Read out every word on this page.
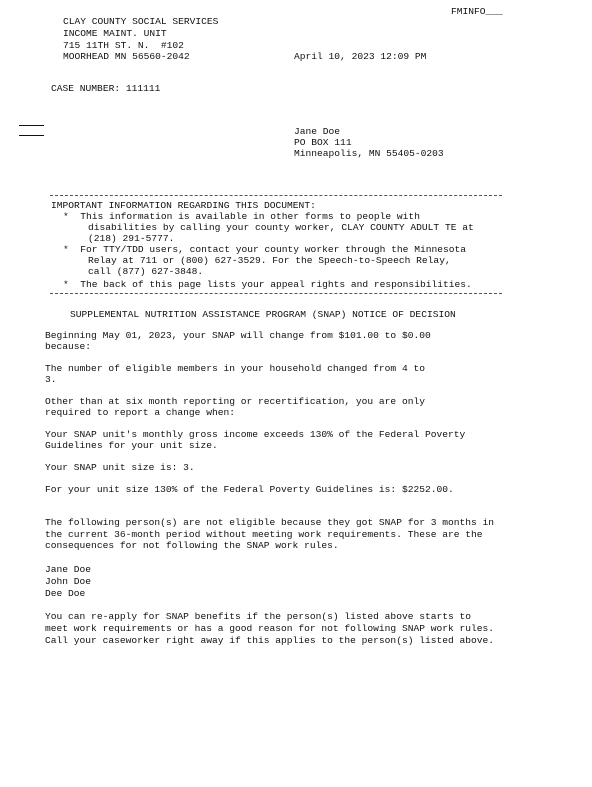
FMINFO___
CLAY COUNTY SOCIAL SERVICES
INCOME MAINT. UNIT
715 11TH ST. N.  #102
MOORHEAD MN 56560-2042	April 10, 2023 12:09 PM
CASE NUMBER: 111111
Jane Doe
PO BOX 111
Minneapolis, MN 55405-0203
IMPORTANT INFORMATION REGARDING THIS DOCUMENT:
*  This information is available in other forms to people with
disabilities by calling your county worker, CLAY COUNTY ADULT TE at
(218) 291-5777.
*  For TTY/TDD users, contact your county worker through the Minnesota
Relay at 711 or (800) 627-3529. For the Speech-to-Speech Relay,
call (877) 627-3848.
*  The back of this page lists your appeal rights and responsibilities.
SUPPLEMENTAL NUTRITION ASSISTANCE PROGRAM (SNAP) NOTICE OF DECISION
Beginning May 01, 2023, your SNAP will change from $101.00 to $0.00
because:
The number of eligible members in your household changed from 4 to
3.
Other than at six month reporting or recertification, you are only
required to report a change when:
Your SNAP unit's monthly gross income exceeds 130% of the Federal Poverty
Guidelines for your unit size.
Your SNAP unit size is: 3.
For your unit size 130% of the Federal Poverty Guidelines is: $2252.00.
The following person(s) are not eligible because they got SNAP for 3 months in
the current 36-month period without meeting work requirements. These are the
consequences for not following the SNAP work rules.
Jane Doe
John Doe
Dee Doe
You can re-apply for SNAP benefits if the person(s) listed above starts to
meet work requirements or has a good reason for not following SNAP work rules.
Call your caseworker right away if this applies to the person(s) listed above.
